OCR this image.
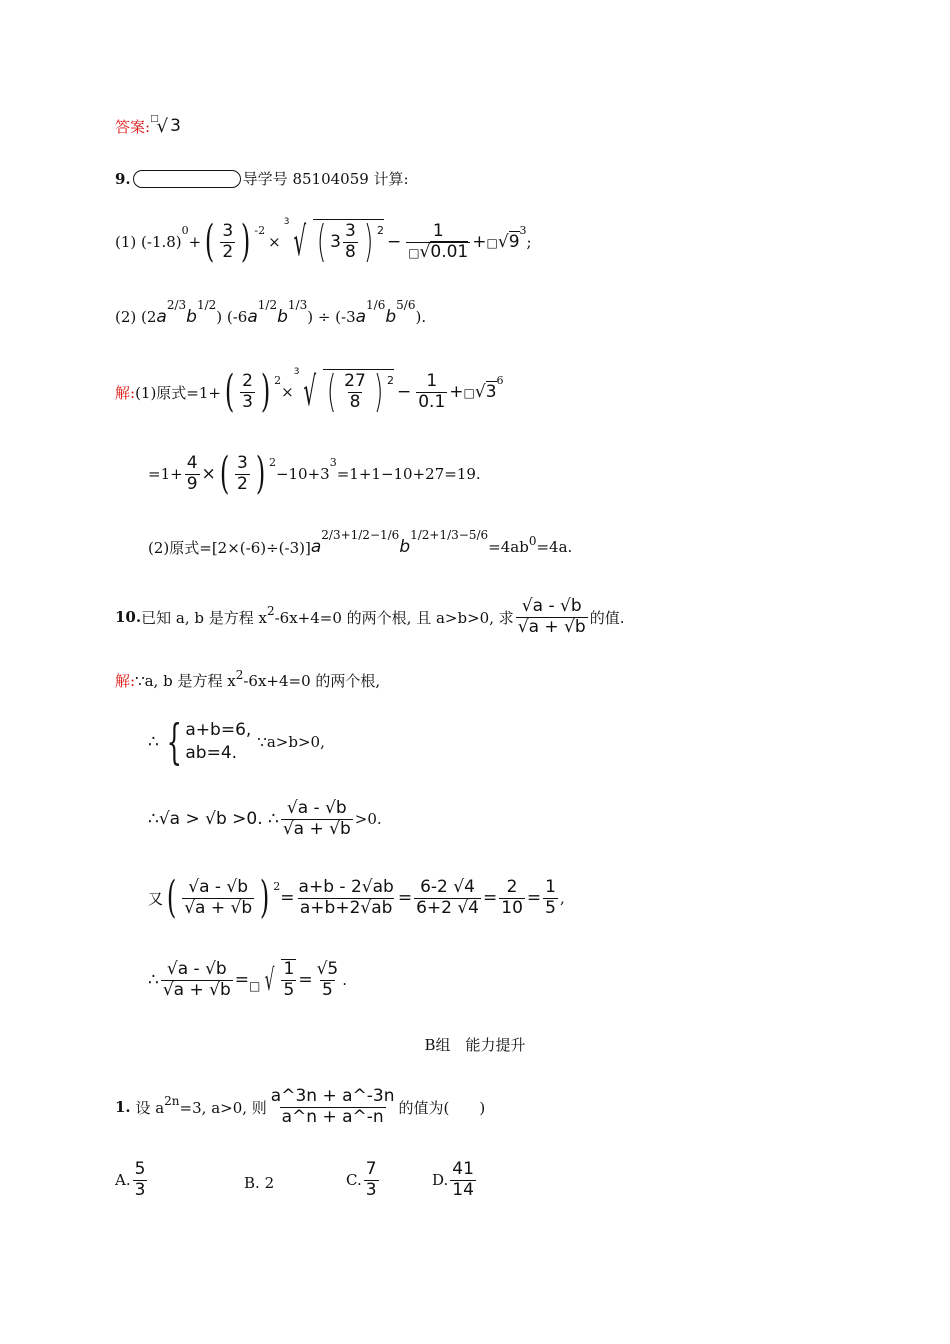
答案: □
√ 3
9.	导学号 85104059 计算:
(1)
(-1.8)
0
+ ( $\frac{3}{2}$ ) -2
×
3 √ ( $3 \frac{3}{8}$ ) 2
− $\frac{1}{□√0.01}$ + □√9
3
;
(2) (2 a
2/3
b
1/2
) (-6 a
1/2
b
1/3
) ÷ (-3 a
1/6
b
5/6
).
解: (1)原式=1+ ( $\frac{2}{3}$ ) 2
×
3 √ ( $\frac{27}{8}$ ) 2
− $\frac{1}{0.1}$ + □√3
6
$=1+ \frac{4}{9}$ × ( $\frac{3}{2}$ ) 2
−10+3
3
=1+1−10+27=19.
(2)原式=[2×(-6)÷(-3)] a
2/3+1/2−1/6
b
1/2+1/3−5/6
=4ab 0 =4a.
10. 已知 a, b 是方程 x 2 -6x+4=0 的两个根, 且 a>b>0, 求 $\frac{√a - √b}{√a + √b}$ 的值.
解: ∵a, b 是方程 x 2 -6x+4=0 的两个根,
∴ { a+b=6,
ab=4.
∵a>b>0,
∴ √a > √b >0. ∴ $\frac{√a - √b}{√a + √b} >0$.
又 ( $\frac{√a - √b}{√a + √b}$ ) 2
= $\frac{a+b - 2√ab}{a+b+2√ab} = \frac{6-2 √4}{6+2 √4} = \frac{2}{10} = \frac{1}{5}$ ,
∴ $\frac{√a - √b}{√a + √b}$ = □ √ $\frac{1}{5} = \frac{√5}{5}$ .
B组　能力提升
1.
设 a 2n =3, a>0, 则 $\frac{a\^{}3n + a\^{}-3n}{a\^{}n + a\^{}-n}$ 的值为(　　)
A. $\frac{5}{3}$	B.
2	C. $\frac{7}{3}$	D. $\frac{41}{14}$
